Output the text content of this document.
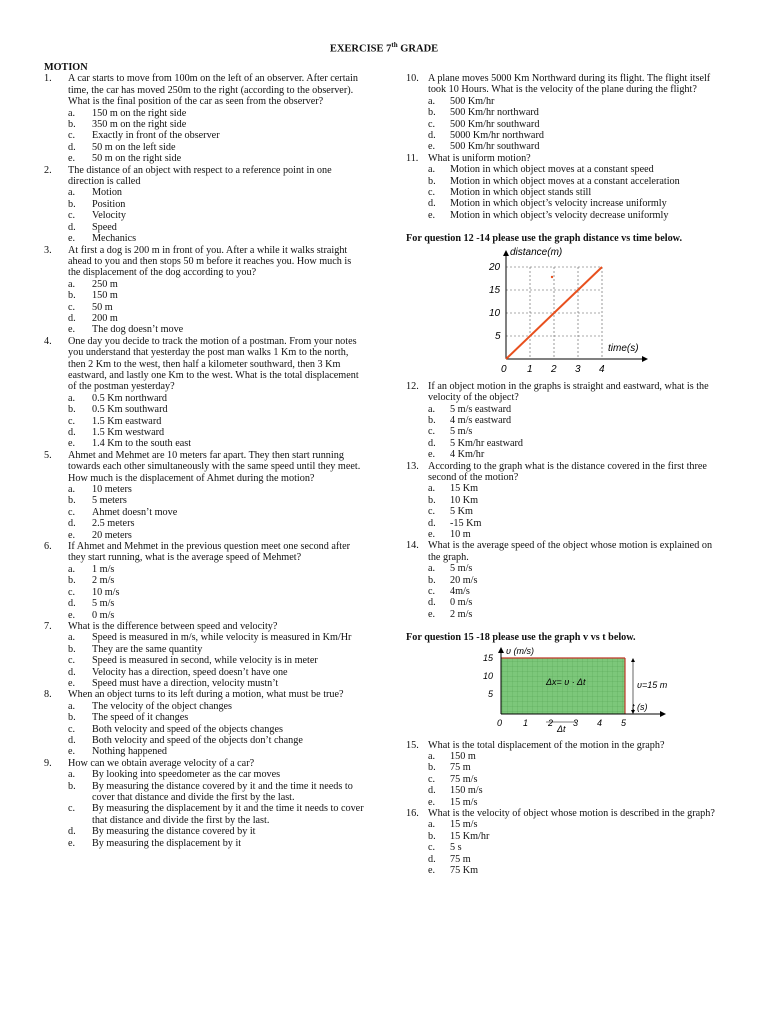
EXERCISE 7th GRADE
MOTION
1.	A car starts to move from 100m on the left of an observer. After certain time, the car has moved 250m to the right (according to the observer). What is the final position of the car as seen from the observer?
a.	150 m on the right side
b.	350 m on the right side
c.	Exactly in front of the observer
d.	50 m on the left side
e.	50 m on the right side
2.	The distance of an object with respect to a reference point in one direction is called
a.	Motion
b.	Position
c.	Velocity
d.	Speed
e.	Mechanics
3.	At first a dog is 200 m in front of you. After a while it walks straight ahead to you and then stops 50 m before it reaches you. How much is the displacement of the dog according to you?
a.	250 m
b.	150 m
c.	50 m
d.	200 m
e.	The dog doesn’t move
4.	One day you decide to track the motion of a postman. From your notes you understand that yesterday the post man walks 1 Km to the north, then 2 Km to the west, then half a kilometer southward, then 3 Km eastward, and lastly one Km to the west. What is the total displacement of the postman yesterday?
a.	0.5 Km northward
b.	0.5 Km southward
c.	1.5 Km eastward
d.	1.5 Km westward
e.	1.4 Km to the south east
5.	Ahmet and Mehmet are 10 meters far apart. They then start running towards each other simultaneously with the same speed until they meet. How much is the displacement of Ahmet during the motion?
a.	10 meters
b.	5 meters
c.	Ahmet doesn’t move
d.	2.5 meters
e.	20 meters
6.	If Ahmet and Mehmet in the previous question meet one second after they start running, what is the average speed of Mehmet?
a.	1 m/s
b.	2 m/s
c.	10 m/s
d.	5 m/s
e.	0 m/s
7.	What is the difference between speed and velocity?
a.	Speed is measured in m/s, while velocity is measured in Km/Hr
b.	They are the same quantity
c.	Speed is measured in second, while velocity is in meter
d.	Velocity has a direction, speed doesn’t have one
e.	Speed must have a direction, velocity mustn’t
8.	When an object turns to its left during a motion, what must be true?
a.	The velocity of the object changes
b.	The speed of it changes
c.	Both velocity and speed of the objects changes
d.	Both velocity and speed of the objects don’t change
e.	Nothing happened
9.	How can we obtain average velocity of a car?
a.	By looking into speedometer as the car moves
b.	By measuring the distance covered by it and the time it needs to cover that distance and divide the first by the last.
c.	By measuring the displacement by it and the time it needs to cover that distance and divide the first by the last.
d.	By measuring the distance covered by it
e.	By measuring the displacement by it
10. A plane moves 5000 Km Northward during its flight. The flight itself took 10 Hours. What is the velocity of the plane during the flight?
a.	500 Km/hr
b.	500 Km/hr northward
c.	500 Km/hr southward
d.	5000 Km/hr northward
e.	500 Km/hr southward
11. What is uniform motion?
a.	Motion in which object moves at a constant speed
b.	Motion in which object moves at a constant acceleration
c.	Motion in which object stands still
d.	Motion in which object’s velocity increase uniformly
e.	Motion in which object’s velocity decrease uniformly
For question 12 -14 please use the graph distance vs time below.
distance(m)
time(s)
20
15
10
5
0 1 2 3 4
12. If an object motion in the graphs is straight and eastward, what is the velocity of the object?
a.	5 m/s eastward
b.	4 m/s eastward
c.	5 m/s
d.	5 Km/hr eastward
e.	4 Km/hr
13. According to the graph what is the distance covered in the first three second of the motion?
a.	15 Km
b.	10 Km
c.	5 Km
d.	-15 Km
e.	10 m
14. What is the average speed of the object whose motion is explained on the graph.
a.	5 m/s
b.	20 m/s
c.	4m/s
d.	0 m/s
e.	2 m/s
For question 15 -18 please use the graph v vs t below.
υ (m/s)
15
10
5
Δx= υ · Δt	υ=15 m
t (s)
Δt
0 1 2 3 4 5
15. What is the total displacement of the motion in the graph?
a.	150 m
b.	75 m
c.	75 m/s
d.	150 m/s
e.	15 m/s
16. What is the velocity of object whose motion is described in the graph?
a.	15 m/s
b.	15 Km/hr
c.	5 s
d.	75 m
e.	75 Km
